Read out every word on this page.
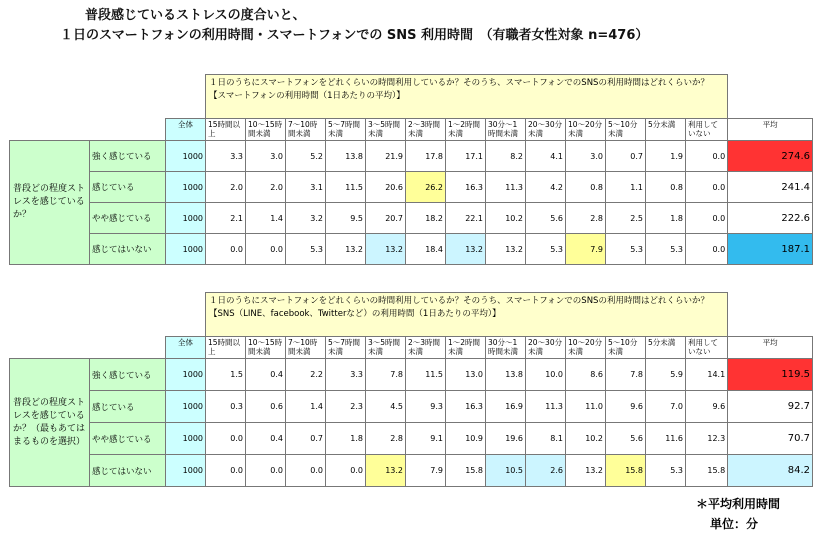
普段感じているストレスの度合いと、
１日のスマートフォンの利用時間・スマートフォンでの SNS 利用時間　（有職者女性対象 n=476）

			１日のうちにスマートフォンをどれくらいの時間利用しているか？そのうち、スマートフォンでのSNSの利用時間はどれくらいか？
【スマートフォンの利用時間（1日あたりの平均）】													

		全体	15時間以上	10～15時間未満	7～10時間未満	5～7時間未満	3～5時間未満	2～3時間未満	1～2時間未満	30分～1時間未満	20～30分未満	10～20分未満	5～10分未満	5分未満	利用していない	平均
普段どの程度ストレスを感じているか？	強く感じている	1000	3.3	3.0	5.2	13.8	21.9	17.8	17.1	8.2	4.1	3.0	0.7	1.9	0.0	274.6
	感じている	1000	2.0	2.0	3.1	11.5	20.6	26.2	16.3	11.3	4.2	0.8	1.1	0.8	0.0	241.4
	やや感じている	1000	2.1	1.4	3.2	9.5	20.7	18.2	22.1	10.2	5.6	2.8	2.5	1.8	0.0	222.6
	感じてはいない	1000	0.0	0.0	5.3	13.2	13.2	18.4	13.2	13.2	5.3	7.9	5.3	5.3	0.0	187.1

			１日のうちにスマートフォンをどれくらいの時間利用しているか？そのうち、スマートフォンでのSNSの利用時間はどれくらいか？
【SNS（LINE、facebook、Twitterなど）の利用時間（1日あたりの平均）】													

		全体	15時間以上	10～15時間未満	7～10時間未満	5～7時間未満	3～5時間未満	2～3時間未満	1～2時間未満	30分～1時間未満	20～30分未満	10～20分未満	5～10分未満	5分未満	利用していない	平均
普段どの程度ストレスを感じているか？（最もあてはまるものを選択）	強く感じている	1000	1.5	0.4	2.2	3.3	7.8	11.5	13.0	13.8	10.0	8.6	7.8	5.9	14.1	119.5
	感じている	1000	0.3	0.6	1.4	2.3	4.5	9.3	16.3	16.9	11.3	11.0	9.6	7.0	9.6	92.7
	やや感じている	1000	0.0	0.4	0.7	1.8	2.8	9.1	10.9	19.6	8.1	10.2	5.6	11.6	12.3	70.7
	感じてはいない	1000	0.0	0.0	0.0	0.0	13.2	7.9	15.8	10.5	2.6	13.2	15.8	5.3	15.8	84.2
＊平均利用時間
単位：分
